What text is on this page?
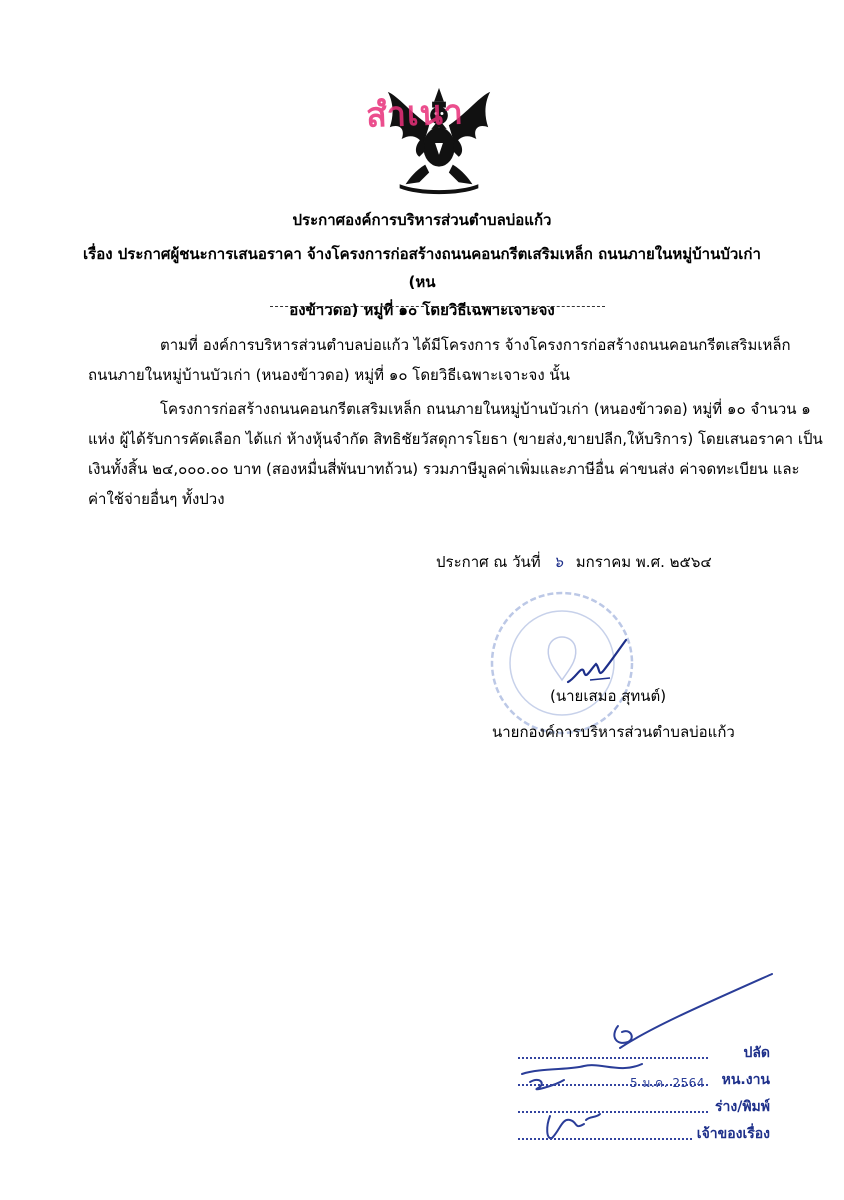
สำเนา
ประกาศองค์การบริหารส่วนตำบลบ่อแก้ว
เรื่อง ประกาศผู้ชนะการเสนอราคา จ้างโครงการก่อสร้างถนนคอนกรีตเสริมเหล็ก ถนนภายในหมู่บ้านบัวเก่า (หน
องข้าวดอ) หมู่ที่ ๑๐ โดยวิธีเฉพาะเจาะจง
ตามที่ องค์การบริหารส่วนตำบลบ่อแก้ว ได้มีโครงการ จ้างโครงการก่อสร้างถนนคอนกรีตเสริมเหล็ก
ถนนภายในหมู่บ้านบัวเก่า (หนองข้าวดอ) หมู่ที่ ๑๐ โดยวิธีเฉพาะเจาะจง นั้น
โครงการก่อสร้างถนนคอนกรีตเสริมเหล็ก ถนนภายในหมู่บ้านบัวเก่า (หนองข้าวดอ) หมู่ที่ ๑๐ จำนวน ๑
แห่ง ผู้ได้รับการคัดเลือก ได้แก่ ห้างหุ้นจำกัด สิทธิชัยวัสดุการโยธา (ขายส่ง,ขายปลีก,ให้บริการ) โดยเสนอราคา เป็น
เงินทั้งสิ้น ๒๔,๐๐๐.๐๐ บาท (สองหมื่นสี่พันบาทถ้วน) รวมภาษีมูลค่าเพิ่มและภาษีอื่น ค่าขนส่ง ค่าจดทะเบียน และ
ค่าใช้จ่ายอื่นๆ ทั้งปวง
ประกาศ ณ วันที่ ๖ มกราคม พ.ศ. ๒๕๖๔
(นายเสมอ สุทนต์)
นายกองค์การบริหารส่วนตำบลบ่อแก้ว
ปลัด
5 ม.ค. 2564 หน.งาน
ร่าง/พิมพ์
เจ้าของเรื่อง
